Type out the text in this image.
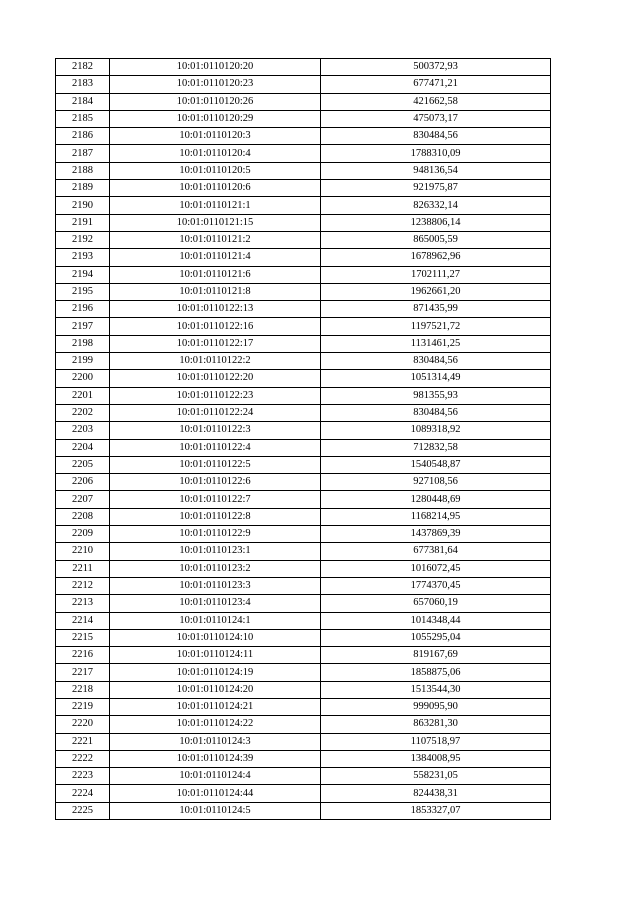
2182	10:01:0110120:20	500372,93
2183	10:01:0110120:23	677471,21
2184	10:01:0110120:26	421662,58
2185	10:01:0110120:29	475073,17
2186	10:01:0110120:3	830484,56
2187	10:01:0110120:4	1788310,09
2188	10:01:0110120:5	948136,54
2189	10:01:0110120:6	921975,87
2190	10:01:0110121:1	826332,14
2191	10:01:0110121:15	1238806,14
2192	10:01:0110121:2	865005,59
2193	10:01:0110121:4	1678962,96
2194	10:01:0110121:6	1702111,27
2195	10:01:0110121:8	1962661,20
2196	10:01:0110122:13	871435,99
2197	10:01:0110122:16	1197521,72
2198	10:01:0110122:17	1131461,25
2199	10:01:0110122:2	830484,56
2200	10:01:0110122:20	1051314,49
2201	10:01:0110122:23	981355,93
2202	10:01:0110122:24	830484,56
2203	10:01:0110122:3	1089318,92
2204	10:01:0110122:4	712832,58
2205	10:01:0110122:5	1540548,87
2206	10:01:0110122:6	927108,56
2207	10:01:0110122:7	1280448,69
2208	10:01:0110122:8	1168214,95
2209	10:01:0110122:9	1437869,39
2210	10:01:0110123:1	677381,64
2211	10:01:0110123:2	1016072,45
2212	10:01:0110123:3	1774370,45
2213	10:01:0110123:4	657060,19
2214	10:01:0110124:1	1014348,44
2215	10:01:0110124:10	1055295,04
2216	10:01:0110124:11	819167,69
2217	10:01:0110124:19	1858875,06
2218	10:01:0110124:20	1513544,30
2219	10:01:0110124:21	999095,90
2220	10:01:0110124:22	863281,30
2221	10:01:0110124:3	1107518,97
2222	10:01:0110124:39	1384008,95
2223	10:01:0110124:4	558231,05
2224	10:01:0110124:44	824438,31
2225	10:01:0110124:5	1853327,07
